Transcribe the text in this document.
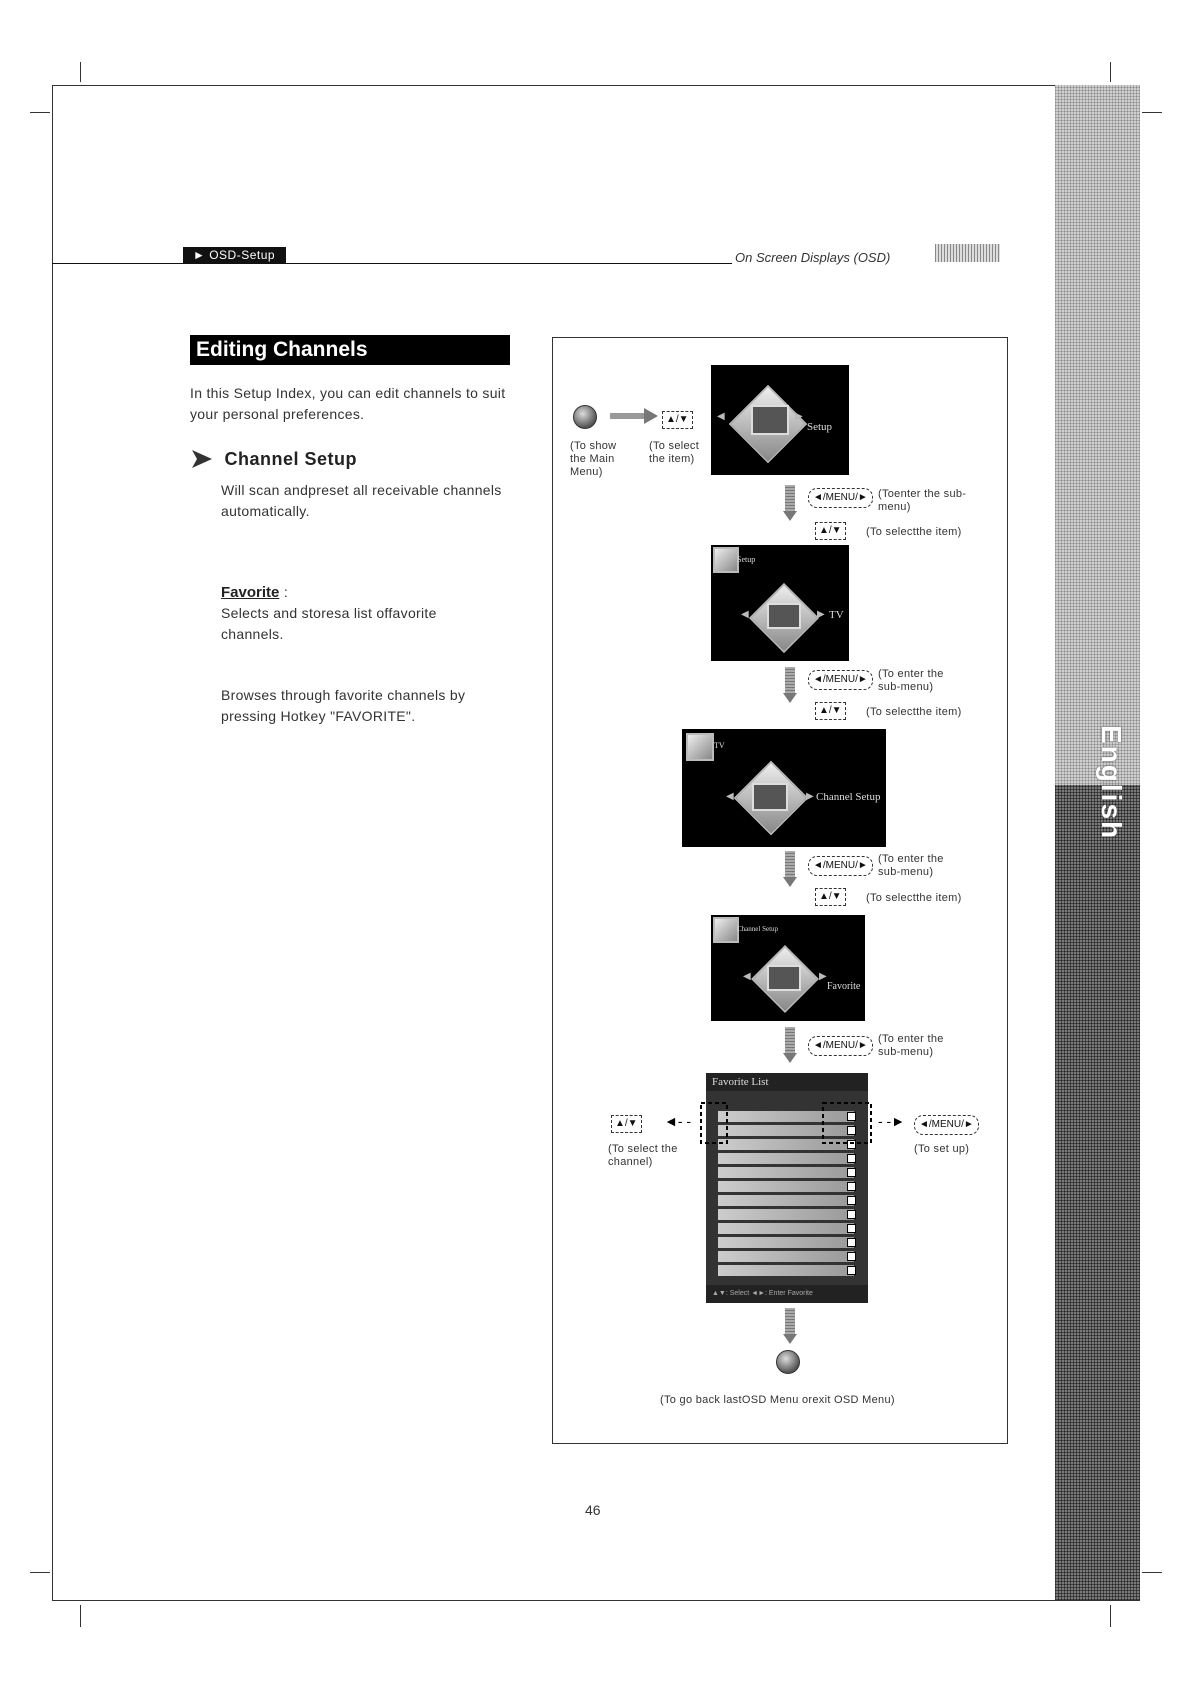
English
► OSD-Setup	On Screen Displays (OSD)
Editing Channels
In this Setup Index, you can edit channels to suit your personal preferences.
Channel Setup
Will scan andpreset all receivable channels automatically.
Favorite :
Selects and storesa list offavorite channels.
Browses through favorite channels by pressing Hotkey "FAVORITE".
▲/▼
(To show the Main Menu)
(To select the item)
◀	▶
Setup
◄/MENU/► (Toenter the sub-menu)
▲/▼	(To selectthe item)
Setup
◀	▶ TV
◄/MENU/► (To enter the sub-menu)
▲/▼	(To selectthe item)
TV
◀	▶ Channel Setup
◄/MENU/►
(To enter the sub-menu)
▲/▼	(To selectthe item)
Channel Setup
◀	▶
Favorite
◄/MENU/►
(To enter the sub-menu)
Favorite List
▲▼: Select ◄►: Enter Favorite
▲/▼ ◄- -
(To select the channel)
- -►	◄/MENU/►
(To set up)
(To go back lastOSD Menu orexit OSD Menu)
46
